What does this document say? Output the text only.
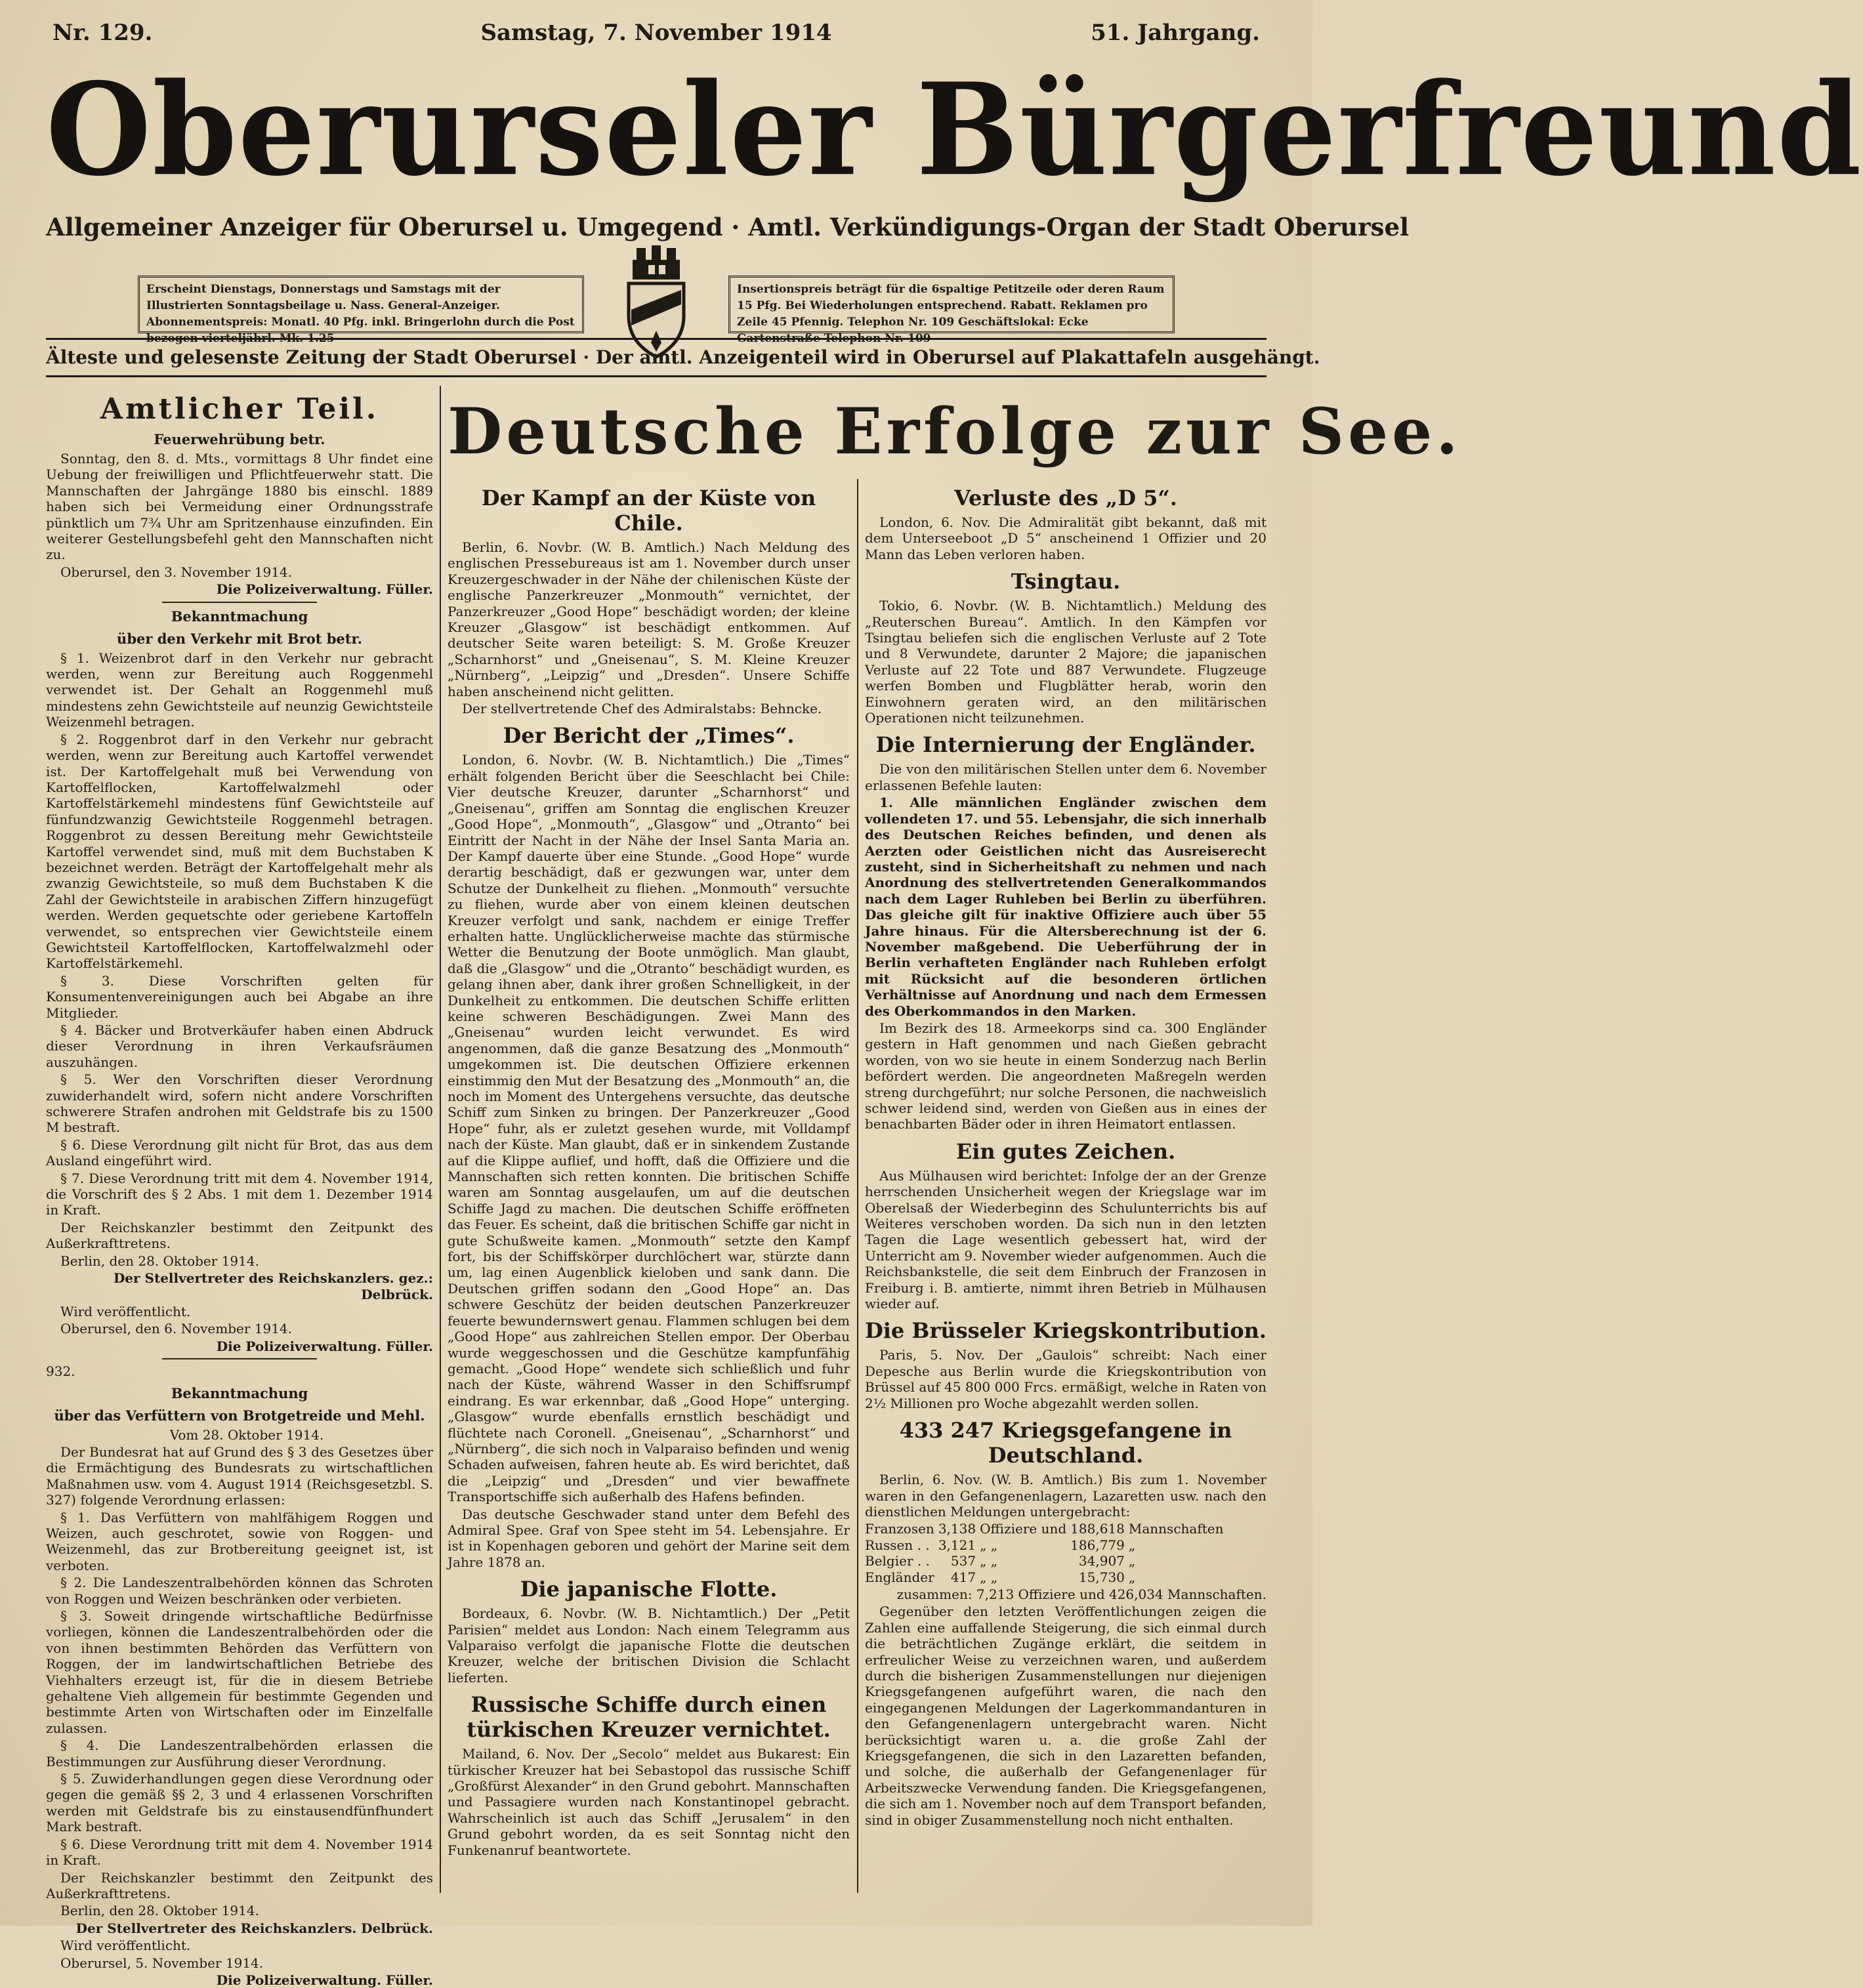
Nr. 129.	Samstag, 7. November 1914	51. Jahrgang.
Oberurseler Bürgerfreund
Allgemeiner Anzeiger für Oberursel u. Umgegend · Amtl. Verkündigungs-Organ der Stadt Oberursel
Erscheint Dienstags, Donnerstags und Samstags mit der Illustrierten Sonntagsbeilage u. Nass. General-Anzeiger. Abonnementspreis: Monatl. 40 Pfg. inkl. Bringerlohn durch die Post bezogen vierteljährl. Mk. 1.25
Insertionspreis beträgt für die 6spaltige Petitzeile oder deren Raum 15 Pfg. Bei Wiederholungen entsprechend. Rabatt. Reklamen pro Zeile 45 Pfennig. Telephon Nr. 109 Geschäftslokal: Ecke Gartenstraße Telephon Nr. 109
Älteste und gelesenste Zeitung der Stadt Oberursel · Der amtl. Anzeigenteil wird in Oberursel auf Plakattafeln ausgehängt.
Deutsche Erfolge zur See.
Amtlicher Teil.
Feuerwehrübung betr.

Sonntag, den 8. d. Mts., vormittags 8 Uhr findet eine Uebung der freiwilligen und Pflichtfeuerwehr statt. Die Mannschaften der Jahrgänge 1880 bis einschl. 1889 haben sich bei Vermeidung einer Ordnungsstrafe pünktlich um 7¾ Uhr am Spritzenhause einzufinden. Ein weiterer Gestellungsbefehl geht den Mannschaften nicht zu.

Oberursel, den 3. November 1914.

Die Polizeiverwaltung. Füller.

Bekanntmachung
über den Verkehr mit Brot betr.

§ 1. Weizenbrot darf in den Verkehr nur gebracht werden, wenn zur Bereitung auch Roggenmehl verwendet ist. Der Gehalt an Roggenmehl muß mindestens zehn Gewichtsteile auf neunzig Gewichtsteile Weizenmehl betragen.

§ 2. Roggenbrot darf in den Verkehr nur gebracht werden, wenn zur Bereitung auch Kartoffel verwendet ist. Der Kartoffelgehalt muß bei Verwendung von Kartoffelflocken, Kartoffelwalzmehl oder Kartoffelstärkemehl mindestens fünf Gewichtsteile auf fünfundzwanzig Gewichtsteile Roggenmehl betragen. Roggenbrot zu dessen Bereitung mehr Gewichtsteile Kartoffel verwendet sind, muß mit dem Buchstaben K bezeichnet werden. Beträgt der Kartoffelgehalt mehr als zwanzig Gewichtsteile, so muß dem Buchstaben K die Zahl der Gewichtsteile in arabischen Ziffern hinzugefügt werden. Werden gequetschte oder geriebene Kartoffeln verwendet, so entsprechen vier Gewichtsteile einem Gewichtsteil Kartoffelflocken, Kartoffelwalzmehl oder Kartoffelstärkemehl.

§ 3. Diese Vorschriften gelten für Konsumentenvereinigungen auch bei Abgabe an ihre Mitglieder.

§ 4. Bäcker und Brotverkäufer haben einen Abdruck dieser Verordnung in ihren Verkaufsräumen auszuhängen.

§ 5. Wer den Vorschriften dieser Verordnung zuwiderhandelt wird, sofern nicht andere Vorschriften schwerere Strafen androhen mit Geldstrafe bis zu 1500 M bestraft.

§ 6. Diese Verordnung gilt nicht für Brot, das aus dem Ausland eingeführt wird.

§ 7. Diese Verordnung tritt mit dem 4. November 1914, die Vorschrift des § 2 Abs. 1 mit dem 1. Dezember 1914 in Kraft.

Der Reichskanzler bestimmt den Zeitpunkt des Außerkrafttretens.

Berlin, den 28. Oktober 1914.

Der Stellvertreter des Reichskanzlers. gez.: Delbrück.

Wird veröffentlicht.

Oberursel, den 6. November 1914.

Die Polizeiverwaltung. Füller.

932.

Bekanntmachung
über das Verfüttern von Brotgetreide und Mehl.

Vom 28. Oktober 1914.

Der Bundesrat hat auf Grund des § 3 des Gesetzes über die Ermächtigung des Bundesrats zu wirtschaftlichen Maßnahmen usw. vom 4. August 1914 (Reichsgesetzbl. S. 327) folgende Verordnung erlassen:

§ 1. Das Verfüttern von mahlfähigem Roggen und Weizen, auch geschrotet, sowie von Roggen- und Weizenmehl, das zur Brotbereitung geeignet ist, ist verboten.

§ 2. Die Landeszentralbehörden können das Schroten von Roggen und Weizen beschränken oder verbieten.

§ 3. Soweit dringende wirtschaftliche Bedürfnisse vorliegen, können die Landeszentralbehörden oder die von ihnen bestimmten Behörden das Verfüttern von Roggen, der im landwirtschaftlichen Betriebe des Viehhalters erzeugt ist, für die in diesem Betriebe gehaltene Vieh allgemein für bestimmte Gegenden und bestimmte Arten von Wirtschaften oder im Einzelfalle zulassen.

§ 4. Die Landeszentralbehörden erlassen die Bestimmungen zur Ausführung dieser Verordnung.

§ 5. Zuwiderhandlungen gegen diese Verordnung oder gegen die gemäß §§ 2, 3 und 4 erlassenen Vorschriften werden mit Geldstrafe bis zu einstausendfünfhundert Mark bestraft.

§ 6. Diese Verordnung tritt mit dem 4. November 1914 in Kraft.

Der Reichskanzler bestimmt den Zeitpunkt des Außerkrafttretens.

Berlin, den 28. Oktober 1914.

Der Stellvertreter des Reichskanzlers. Delbrück.

Wird veröffentlicht.

Oberursel, 5. November 1914.

Die Polizeiverwaltung. Füller.

Der Kampf an der Küste von Chile.

Berlin, 6. Novbr. (W. B. Amtlich.) Nach Meldung des englischen Pressebureaus ist am 1. November durch unser Kreuzergeschwader in der Nähe der chilenischen Küste der englische Panzerkreuzer „Monmouth“ vernichtet, der Panzerkreuzer „Good Hope“ beschädigt worden; der kleine Kreuzer „Glasgow“ ist beschädigt entkommen. Auf deutscher Seite waren beteiligt: S. M. Große Kreuzer „Scharnhorst“ und „Gneisenau“, S. M. Kleine Kreuzer „Nürnberg“, „Leipzig“ und „Dresden“. Unsere Schiffe haben anscheinend nicht gelitten.

Der stellvertretende Chef des Admiralstabs: Behncke.

Der Bericht der „Times“.

London, 6. Novbr. (W. B. Nichtamtlich.) Die „Times“ erhält folgenden Bericht über die Seeschlacht bei Chile: Vier deutsche Kreuzer, darunter „Scharnhorst“ und „Gneisenau“, griffen am Sonntag die englischen Kreuzer „Good Hope“, „Monmouth“, „Glasgow“ und „Otranto“ bei Eintritt der Nacht in der Nähe der Insel Santa Maria an. Der Kampf dauerte über eine Stunde. „Good Hope“ wurde derartig beschädigt, daß er gezwungen war, unter dem Schutze der Dunkelheit zu fliehen. „Monmouth“ versuchte zu fliehen, wurde aber von einem kleinen deutschen Kreuzer verfolgt und sank, nachdem er einige Treffer erhalten hatte. Unglücklicherweise machte das stürmische Wetter die Benutzung der Boote unmöglich. Man glaubt, daß die „Glasgow“ und die „Otranto“ beschädigt wurden, es gelang ihnen aber, dank ihrer großen Schnelligkeit, in der Dunkelheit zu entkommen. Die deutschen Schiffe erlitten keine schweren Beschädigungen. Zwei Mann des „Gneisenau“ wurden leicht verwundet. Es wird angenommen, daß die ganze Besatzung des „Monmouth“ umgekommen ist. Die deutschen Offiziere erkennen einstimmig den Mut der Besatzung des „Monmouth“ an, die noch im Moment des Untergehens versuchte, das deutsche Schiff zum Sinken zu bringen. Der Panzerkreuzer „Good Hope“ fuhr, als er zuletzt gesehen wurde, mit Volldampf nach der Küste. Man glaubt, daß er in sinkendem Zustande auf die Klippe auflief, und hofft, daß die Offiziere und die Mannschaften sich retten konnten. Die britischen Schiffe waren am Sonntag ausgelaufen, um auf die deutschen Schiffe Jagd zu machen. Die deutschen Schiffe eröffneten das Feuer. Es scheint, daß die britischen Schiffe gar nicht in gute Schußweite kamen. „Monmouth“ setzte den Kampf fort, bis der Schiffskörper durchlöchert war, stürzte dann um, lag einen Augenblick kieloben und sank dann. Die Deutschen griffen sodann den „Good Hope“ an. Das schwere Geschütz der beiden deutschen Panzerkreuzer feuerte bewundernswert genau. Flammen schlugen bei dem „Good Hope“ aus zahlreichen Stellen empor. Der Oberbau wurde weggeschossen und die Geschütze kampfunfähig gemacht. „Good Hope“ wendete sich schließlich und fuhr nach der Küste, während Wasser in den Schiffsrumpf eindrang. Es war erkennbar, daß „Good Hope“ unterging. „Glasgow“ wurde ebenfalls ernstlich beschädigt und flüchtete nach Coronell. „Gneisenau“, „Scharnhorst“ und „Nürnberg“, die sich noch in Valparaiso befinden und wenig Schaden aufweisen, fahren heute ab. Es wird berichtet, daß die „Leipzig“ und „Dresden“ und vier bewaffnete Transportschiffe sich außerhalb des Hafens befinden.

Das deutsche Geschwader stand unter dem Befehl des Admiral Spee. Graf von Spee steht im 54. Lebensjahre. Er ist in Kopenhagen geboren und gehört der Marine seit dem Jahre 1878 an.

Die japanische Flotte.

Bordeaux, 6. Novbr. (W. B. Nichtamtlich.) Der „Petit Parisien“ meldet aus London: Nach einem Telegramm aus Valparaiso verfolgt die japanische Flotte die deutschen Kreuzer, welche der britischen Division die Schlacht lieferten.

Russische Schiffe durch einen türkischen Kreuzer vernichtet.

Mailand, 6. Nov. Der „Secolo“ meldet aus Bukarest: Ein türkischer Kreuzer hat bei Sebastopol das russische Schiff „Großfürst Alexander“ in den Grund gebohrt. Mannschaften und Passagiere wurden nach Konstantinopel gebracht. Wahrscheinlich ist auch das Schiff „Jerusalem“ in den Grund gebohrt worden, da es seit Sonntag nicht den Funkenanruf beantwortete.

Verluste des „D 5“.

London, 6. Nov. Die Admiralität gibt bekannt, daß mit dem Unterseeboot „D 5“ anscheinend 1 Offizier und 20 Mann das Leben verloren haben.

Tsingtau.

Tokio, 6. Novbr. (W. B. Nichtamtlich.) Meldung des „Reuterschen Bureau“. Amtlich. In den Kämpfen vor Tsingtau beliefen sich die englischen Verluste auf 2 Tote und 8 Verwundete, darunter 2 Majore; die japanischen Verluste auf 22 Tote und 887 Verwundete. Flugzeuge werfen Bomben und Flugblätter herab, worin den Einwohnern geraten wird, an den militärischen Operationen nicht teilzunehmen.

Die Internierung der Engländer.

Die von den militärischen Stellen unter dem 6. November erlassenen Befehle lauten:

1. Alle männlichen Engländer zwischen dem vollendeten 17. und 55. Lebensjahr, die sich innerhalb des Deutschen Reiches befinden, und denen als Aerzten oder Geistlichen nicht das Ausreiserecht zusteht, sind in Sicherheitshaft zu nehmen und nach Anordnung des stellvertretenden Generalkommandos nach dem Lager Ruhleben bei Berlin zu überführen. Das gleiche gilt für inaktive Offiziere auch über 55 Jahre hinaus. Für die Altersberechnung ist der 6. November maßgebend. Die Ueberführung der in Berlin verhafteten Engländer nach Ruhleben erfolgt mit Rücksicht auf die besonderen örtlichen Verhältnisse auf Anordnung und nach dem Ermessen des Oberkommandos in den Marken.

Im Bezirk des 18. Armeekorps sind ca. 300 Engländer gestern in Haft genommen und nach Gießen gebracht worden, von wo sie heute in einem Sonderzug nach Berlin befördert werden. Die angeordneten Maßregeln werden streng durchgeführt; nur solche Personen, die nachweislich schwer leidend sind, werden von Gießen aus in eines der benachbarten Bäder oder in ihren Heimatort entlassen.

Ein gutes Zeichen.

Aus Mülhausen wird berichtet: Infolge der an der Grenze herrschenden Unsicherheit wegen der Kriegslage war im Oberelsaß der Wiederbeginn des Schulunterrichts bis auf Weiteres verschoben worden. Da sich nun in den letzten Tagen die Lage wesentlich gebessert hat, wird der Unterricht am 9. November wieder aufgenommen. Auch die Reichsbankstelle, die seit dem Einbruch der Franzosen in Freiburg i. B. amtierte, nimmt ihren Betrieb in Mülhausen wieder auf.

Die Brüsseler Kriegskontribution.

Paris, 5. Nov. Der „Gaulois“ schreibt: Nach einer Depesche aus Berlin wurde die Kriegskontribution von Brüssel auf 45 800 000 Frcs. ermäßigt, welche in Raten von 2½ Millionen pro Woche abgezahlt werden sollen.

433 247 Kriegsgefangene in Deutschland.

Berlin, 6. Nov. (W. B. Amtlich.) Bis zum 1. November waren in den Gefangenenlagern, Lazaretten usw. nach den dienstlichen Meldungen untergebracht:

Franzosen	3,138	Offiziere und	188,618	Mannschaften
Russen . .	3,121	„ „	186,779	„
Belgier . .	537	„ „	34,907	„
Engländer	417	„ „	15,730	„

zusammen: 7,213 Offiziere und 426,034 Mannschaften.

Gegenüber den letzten Veröffentlichungen zeigen die Zahlen eine auffallende Steigerung, die sich einmal durch die beträchtlichen Zugänge erklärt, die seitdem in erfreulicher Weise zu verzeichnen waren, und außerdem durch die bisherigen Zusammenstellungen nur diejenigen Kriegsgefangenen aufgeführt waren, die nach den eingegangenen Meldungen der Lagerkommandanturen in den Gefangenenlagern untergebracht waren. Nicht berücksichtigt waren u. a. die große Zahl der Kriegsgefangenen, die sich in den Lazaretten befanden, und solche, die außerhalb der Gefangenenlager für Arbeitszwecke Verwendung fanden. Die Kriegsgefangenen, die sich am 1. November noch auf dem Transport befanden, sind in obiger Zusammenstellung noch nicht enthalten.
